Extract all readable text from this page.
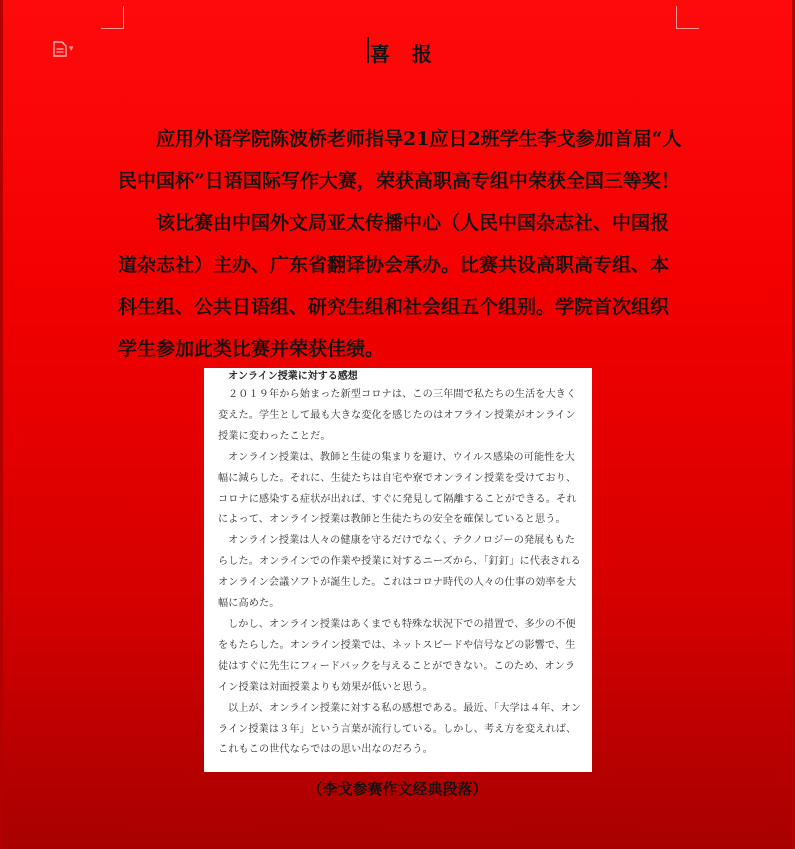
▾	喜报

应用外语学院陈波桥老师指导21应日2班学生李戈参加首届“人民中国杯”日语国际写作大赛，荣获高职高专组中荣获全国三等奖！

该比赛由中国外文局亚太传播中心（人民中国杂志社、中国报道杂志社）主办、广东省翻译协会承办。比赛共设高职高专组、本科生组、公共日语组、研究生组和社会组五个组别。学院首次组织学生参加此类比赛并荣获佳绩。

オンライン授業に対する感想

２０１９年から始まった新型コロナは、この三年間で私たちの生活を大きく変えた。学生として最も大きな変化を感じたのはオフライン授業がオンライン授業に変わったことだ。

オンライン授業は、教師と生徒の集まりを避け、ウイルス感染の可能性を大幅に減らした。それに、生徒たちは自宅や寮でオンライン授業を受けており、コロナに感染する症状が出れば、すぐに発見して隔離することができる。それによって、オンライン授業は教師と生徒たちの安全を確保していると思う。

オンライン授業は人々の健康を守るだけでなく、テクノロジーの発展ももたらした。オンラインでの作業や授業に対するニーズから、「釘釘」に代表されるオンライン会議ソフトが誕生した。これはコロナ時代の人々の仕事の効率を大幅に高めた。

しかし、オンライン授業はあくまでも特殊な状況下での措置で、多少の不便をもたらした。オンライン授業では、ネットスピードや信号などの影響で、生徒はすぐに先生にフィードバックを与えることができない。このため、オンライン授業は対面授業よりも効果が低いと思う。

以上が、オンライン授業に対する私の感想である。最近、「大学は４年、オンライン授業は３年」という言葉が流行している。しかし、考え方を変えれば、これもこの世代ならではの思い出なのだろう。

（李戈参赛作文经典段落）
